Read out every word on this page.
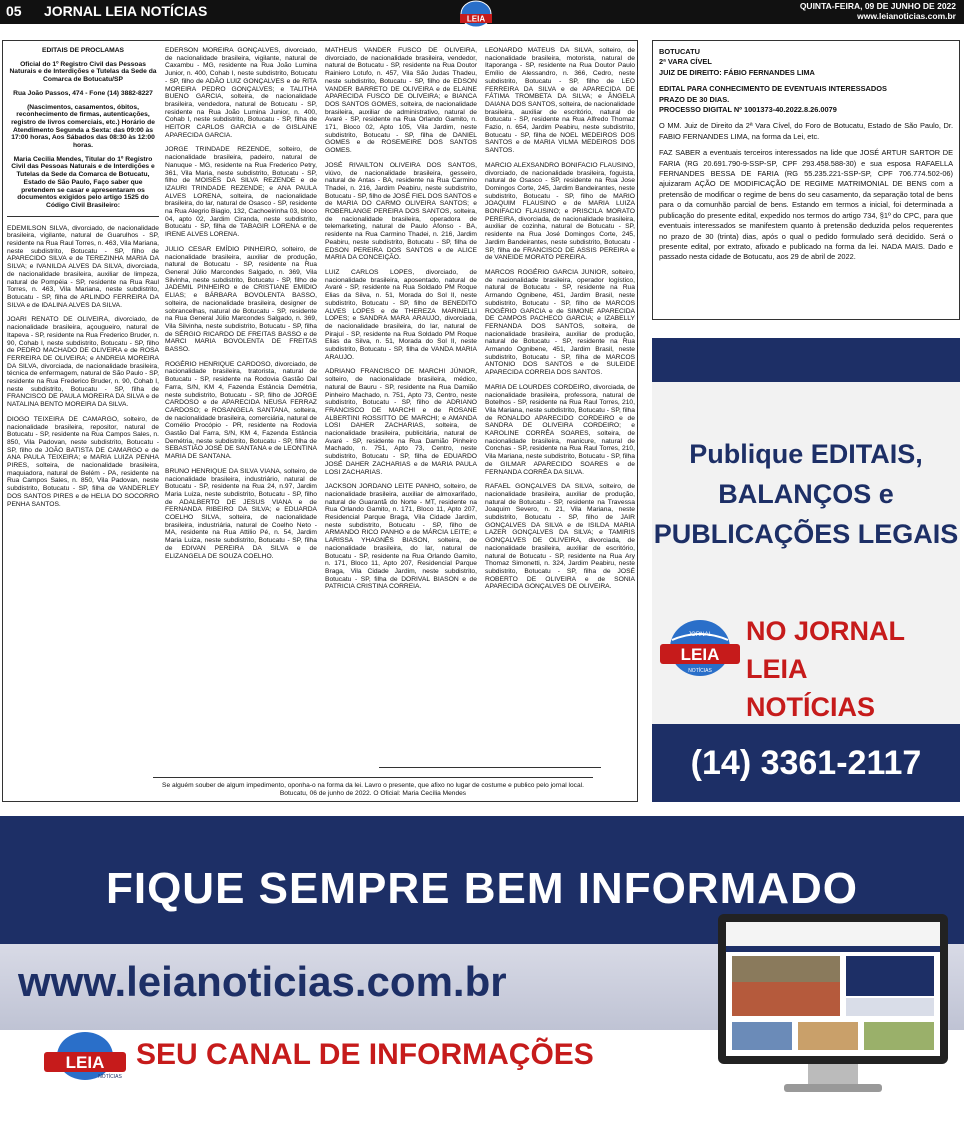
05 JORNAL LEIA NOTÍCIAS	LEIA
QUINTA-FEIRA, 09 DE JUNHO DE 2022
www.leianoticias.com.br

EDITAIS DE PROCLAMAS

Oficial do 1º Registro Civil das Pessoas Naturais e de Interdições e Tutelas da Sede da Comarca de Botucatu/SP

Rua João Passos, 474 - Fone (14) 3882-8227

(Nascimentos, casamentos, óbitos, reconhecimento de firmas, autenticações, registro de livros comerciais, etc.) Horário de Atendimento Segunda a Sexta: das 09:00 às 17:00 horas, Aos Sábados das 08:30 às 12:00 horas.

Maria Cecilia Mendes, Titular do 1º Registro Civil das Pessoas Naturais e de Interdições e Tutelas da Sede da Comarca de Botucatu, Estado de São Paulo, Faço saber que pretendem se casar e apresentaram os documentos exigidos pelo artigo 1525 do Código Civil Brasileiro:

EDEMILSON SILVA, divorciado, de nacionalidade brasileira, vigilante, natural de Guarulhos - SP, residente na Rua Raul Torres, n. 463, Vila Mariana, neste subdistrito, Botucatu - SP, filho de APARECIDO SILVA e de TEREZINHA MARIA DA SILVA; e IVANILDA ALVES DA SILVA, divorciada, de nacionalidade brasileira, auxiliar de limpeza, natural de Pompéia - SP, residente na Rua Raul Torres, n. 463, Vila Mariana, neste subdistrito, Botucatu - SP, filha de ARLINDO FERREIRA DA SILVA e de IDALINA ALVES DA SILVA.

JOARI RENATO DE OLIVEIRA, divorciado, de nacionalidade brasileira, açougueiro, natural de Itapeva - SP, residente na Rua Frederico Bruder, n. 90, Cohab I, neste subdistrito, Botucatu - SP, filho de PEDRO MACHADO DE OLIVEIRA e de ROSA FERREIRA DE OLIVEIRA; e ANDREIA MOREIRA DA SILVA, divorciada, de nacionalidade brasileira, técnica de enfermagem, natural de São Paulo - SP, residente na Rua Frederico Bruder, n. 90, Cohab I, neste subdistrito, Botucatu - SP, filha de FRANCISCO DE PAULA MOREIRA DA SILVA e de NATALINA BENTO MOREIRA DA SILVA.

DIOGO TEIXEIRA DE CAMARGO, solteiro, de nacionalidade brasileira, repositor, natural de Botucatu - SP, residente na Rua Campos Sales, n. 850, Vila Padovan, neste subdistrito, Botucatu - SP, filho de JOÃO BATISTA DE CAMARGO e de ANA PAULA TEIXEIRA; e MARIA LUIZA PENHA PIRES, solteira, de nacionalidade brasileira, maquiadora, natural de Belém - PA, residente na Rua Campos Sales, n. 850, Vila Padovan, neste subdistrito, Botucatu - SP, filha de VANDERLEY DOS SANTOS PIRES e de HELIA DO SOCORRO PENHA SANTOS.

EDERSON MOREIRA GONÇALVES, divorciado, de nacionalidade brasileira, vigilante, natural de Caxambu - MG, residente na Rua João Lumina Junior, n. 400, Cohab I, neste subdistrito, Botucatu - SP, filho de ADÃO LUIZ GONÇALVES e de RITA MOREIRA PEDRO GONÇALVES; e TALITHA BUENO GARCIA, solteira, de nacionalidade brasileira, vendedora, natural de Botucatu - SP, residente na Rua João Lumina Junior, n. 400, Cohab I, neste subdistrito, Botucatu - SP, filha de HEITOR CARLOS GARCIA e de GISLAINE APARECIDA GARCIA.

JORGE TRINDADE REZENDE, solteiro, de nacionalidade brasileira, padeiro, natural de Nanuque - MG, residente na Rua Frederico Petry, 361, Vila Maria, neste subdistrito, Botucatu - SP, filho de MOISÉS DA SILVA REZENDE e de IZAURI TRINDADE REZENDE; e ANA PAULA ALVES LORENA, solteira, de nacionalidade brasileira, do lar, natural de Osasco - SP, residente na Rua Alegrio Biagio, 132, Cachoeirinha 03, bloco 04, apto 02, Jardim Ciranda, neste subdistrito, Botucatu - SP, filha de TABAGIR LORENA e de IRENE ALVES LORENA.

JULIO CESAR EMÍDIO PINHEIRO, solteiro, de nacionalidade brasileira, auxiliar de produção, natural de Botucatu - SP, residente na Rua General Júlio Marcondes Salgado, n. 369, Vila Silvinha, neste subdistrito, Botucatu - SP, filho de JADEMIL PINHEIRO e de CRISTIANE EMIDIO ELIAS; e BÁRBARA BOVOLENTA BASSO, solteira, de nacionalidade brasileira, designer de sobrancelhas, natural de Botucatu - SP, residente na Rua General Júlio Marcondes Salgado, n. 369, Vila Silvinha, neste subdistrito, Botucatu - SP, filha de SÉRGIO RICARDO DE FREITAS BASSO e de MARCI MARIA BOVOLENTA DE FREITAS BASSO.

ROGÉRIO HENRIQUE CARDOSO, divorciado, de nacionalidade brasileira, tratorista, natural de Botucatu - SP, residente na Rodovia Gastão Dal Farra, S/N, KM 4, Fazenda Estância Demétria, neste subdistrito, Botucatu - SP, filho de JORGE CARDOSO e de APARECIDA NEUSA FERRAZ CARDOSO; e ROSANGELA SANTANA, solteira, de nacionalidade brasileira, comerciária, natural de Cornélio Procópio - PR, residente na Rodovia Gastão Dal Farra, S/N, KM 4, Fazenda Estância Demétria, neste subdistrito, Botucatu - SP, filha de SEBASTIÃO JOSÉ DE SANTANA e de LEONTINA MARIA DE SANTANA.

BRUNO HENRIQUE DA SILVA VIANA, solteiro, de nacionalidade brasileira, industriário, natural de Botucatu - SP, residente na Rua 24, n.97, Jardim Maria Luiza, neste subdistrito, Botucatu - SP, filho de ADALBERTO DE JESUS VIANA e de FERNANDA RIBEIRO DA SILVA; e EDUARDA COELHO SILVA, solteira, de nacionalidade brasileira, industriária, natural de Coelho Neto - MA, residente na Rua Attilio Pé, n. 54, Jardim Maria Luiza, neste subdistrito, Botucatu - SP, filha de EDIVAN PEREIRA DA SILVA e de ELIZANGELA DE SOUZA COELHO.

MATHEUS VANDER FUSCO DE OLIVEIRA, divorciado, de nacionalidade brasileira, vendedor, natural de Botucatu - SP, residente na Rua Doutor Rainiero Lotufo, n. 457, Vila São Judas Thadeu, neste subdistrito, Botucatu - SP, filho de EDSON VANDER BARRETO DE OLIVEIRA e de ELAINE APARECIDA FUSCO DE OLIVEIRA; e BIANCA DOS SANTOS GOMES, solteira, de nacionalidade brasileira, auxiliar de administrativo, natural de Avaré - SP, residente na Rua Orlando Gamito, n. 171, Bloco 02, Apto 105, Vila Jardim, neste subdistrito, Botucatu - SP, filha de DANIEL GOMES e de ROSEMEIRE DOS SANTOS GOMES.

JOSÉ RIVAILTON OLIVEIRA DOS SANTOS, viúvo, de nacionalidade brasileira, gesseiro, natural de Antas - BA, residente na Rua Carmino Thadei, n. 216, Jardim Peabiru, neste subdistrito, Botucatu - SP, filho de JOSÉ FIEL DOS SANTOS e de MARIA DO CARMO OLIVEIRA SANTOS; e ROBERLANGE PEREIRA DOS SANTOS, solteira, de nacionalidade brasileira, operadora de telemarketing, natural de Paulo Afonso - BA, residente na Rua Carmino Thadei, n. 216, Jardim Peabiru, neste subdistrito, Botucatu - SP, filha de EDSON PEREIRA DOS SANTOS e de ALICE MARIA DA CONCEIÇÃO.

LUIZ CARLOS LOPES, divorciado, de nacionalidade brasileira, aposentado, natural de Avaré - SP, residente na Rua Soldado PM Roque Elias da Silva, n. 51, Morada do Sol II, neste subdistrito, Botucatu - SP, filho de BENEDITO ALVES LOPES e de THEREZA MARINELLI LOPES; e SANDRA MARA ARAUJO, divorciada, de nacionalidade brasileira, do lar, natural de Pirajuí - SP, residente na Rua Soldado PM Roque Elias da Silva, n. 51, Morada do Sol II, neste subdistrito, Botucatu - SP, filha de VANDA MARIA ARAUJO.

ADRIANO FRANCISCO DE MARCHI JÚNIOR, solteiro, de nacionalidade brasileira, médico, natural de Bauru - SP, residente na Rua Damião Pinheiro Machado, n. 751, Apto 73, Centro, neste subdistrito, Botucatu - SP, filho de ADRIANO FRANCISCO DE MARCHI e de ROSANE ALBERTINI ROSSITTO DE MARCHI; e AMANDA LOSI DAHER ZACHARIAS, solteira, de nacionalidade brasileira, publicitária, natural de Avaré - SP, residente na Rua Damião Pinheiro Machado, n. 751, Apto 73, Centro, neste subdistrito, Botucatu - SP, filha de EDUARDO JOSÉ DAHER ZACHARIAS e de MARIA PAULA LOSI ZACHARIAS.

JACKSON JORDANO LEITE PANHO, solteiro, de nacionalidade brasileira, auxiliar de almoxarifado, natural de Guarantã do Norte - MT, residente na Rua Orlando Gamito, n. 171, Bloco 11, Apto 207, Residencial Parque Braga, Vila Cidade Jardim, neste subdistrito, Botucatu - SP, filho de ARMANDO RICO PANHO e de MÁRCIA LEITE; e LARISSA YHAGNÊS BIASON, solteira, de nacionalidade brasileira, do lar, natural de Botucatu - SP, residente na Rua Orlando Gamito, n. 171, Bloco 11, Apto 207, Residencial Parque Braga, Vila Cidade Jardim, neste subdistrito, Botucatu - SP, filha de DORIVAL BIASON e de PATRICIA CRISTINA CORREIA.

LEONARDO MATEUS DA SILVA, solteiro, de nacionalidade brasileira, motorista, natural de Itaporanga - SP, residente na Rua Doutor Paulo Emílio de Alessandro, n. 366, Cedro, neste subdistrito, Botucatu - SP, filho de LEO FERREIRA DA SILVA e de APARECIDA DE FÁTIMA TROMBETA DA SILVA; e ÂNGELA DAIANA DOS SANTOS, solteira, de nacionalidade brasileira, auxiliar de escritório, natural de Botucatu - SP, residente na Rua Alfredo Thomaz Fazio, n. 654, Jardim Peabiru, neste subdistrito, Botucatu - SP, filha de NOEL MEDEIROS DOS SANTOS e de MARIA VILMA MEDEIROS DOS SANTOS.

MARCIO ALEXSANDRO BONIFACIO FLAUSINO, divorciado, de nacionalidade brasileira, foguista, natural de Osasco - SP, residente na Rua Jose Domingos Corte, 245, Jardim Bandeirantes, neste subdistrito, Botucatu - SP, filho de MARIO JOAQUIM FLAUSINO e de MARIA LUIZA BONIFACIO FLAUSINO; e PRISCILA MORATO PEREIRA, divorciada, de nacionalidade brasileira, auxiliar de cozinha, natural de Botucatu - SP, residente na Rua José Domingos Corte, 245, Jardim Bandeirantes, neste subdistrito, Botucatu - SP, filha de FRANCISCO DE ASSIS PEREIRA e de VANEIDE MORATO PEREIRA.

MARCOS ROGÉRIO GARCIA JUNIOR, solteiro, de nacionalidade brasileira, operador logístico, natural de Botucatu - SP, residente na Rua Armando Ognibene, 451, Jardim Brasil, neste subdistrito, Botucatu - SP, filho de MARCOS ROGÉRIO GARCIA e de SIMONE APARECIDA DE CAMPOS PACHECO GARCIA; e IZABELLY FERNANDA DOS SANTOS, solteira, de nacionalidade brasileira, auxiliar de produção, natural de Botucatu - SP, residente na Rua Armando Ognibene, 451, Jardim Brasil, neste subdistrito, Botucatu - SP, filha de MARCOS ANTONIO DOS SANTOS e de SULEIDE APARECIDA CORREIA DOS SANTOS.

MARIA DE LOURDES CORDEIRO, divorciada, de nacionalidade brasileira, professora, natural de Botelhos - SP, residente na Rua Raul Torres, 210, Vila Mariana, neste subdistrito, Botucatu - SP, filha de RONALDO APARECIDO CORDEIRO e de SANDRA DE OLIVEIRA CORDEIRO; e KAROLINE CORRÊA SOARES, solteira, de nacionalidade brasileira, manicure, natural de Conchas - SP, residente na Rua Raul Torres, 210, Vila Mariana, neste subdistrito, Botucatu - SP, filha de GILMAR APARECIDO SOARES e de FERNANDA CORRÊA DA SILVA.

RAFAEL GONÇALVES DA SILVA, solteiro, de nacionalidade brasileira, auxiliar de produção, natural de Botucatu - SP, residente na Travessa Joaquim Severo, n. 21, Vila Mariana, neste subdistrito, Botucatu - SP, filho de JAIR GONÇALVES DA SILVA e de ISILDA MARIA LAZER GONÇALVES DA SILVA; e TAMIRIS GONÇALVES DE OLIVEIRA, divorciada, de nacionalidade brasileira, auxiliar de escritório, natural de Botucatu - SP, residente na Rua Ary Thomaz Simonetti, n. 324, Jardim Peabiru, neste subdistrito, Botucatu - SP, filha de JOSÉ ROBERTO DE OLIVEIRA e de SONIA APARECIDA GONÇALVES DE OLIVEIRA.

Se alguém souber de algum impedimento, oponha-o na forma da lei. Lavro o presente, que afixo no lugar de costume e publico pelo jornal local. Botucatu, 06 de junho de 2022. O Oficial: Maria Cecília Mendes

BOTUCATU

2ª VARA CÍVEL

JUIZ DE DIREITO: FÁBIO FERNANDES LIMA

EDITAL PARA CONHECIMENTO DE EVENTUAIS INTERESSADOS

PRAZO DE 30 DIAS.

PROCESSO DIGITAL Nº 1001373-40.2022.8.26.0079

O MM. Juiz de Direito da 2ª Vara Cível, do Foro de Botucatu, Estado de São Paulo, Dr. FABIO FERNANDES LIMA, na forma da Lei, etc.

FAZ SABER a eventuais terceiros interessados na lide que JOSÉ ARTUR SARTOR DE FARIA (RG 20.691.790-9-SSP-SP, CPF 293.458.588-30) e sua esposa RAFAELLA FERNANDES BESSA DE FARIA (RG 55.235.221-SSP-SP, CPF 706.774.502-06) ajuizaram AÇÃO DE MODIFICAÇÃO DE REGIME MATRIMONIAL DE BENS com a pretensão de modificar o regime de bens do seu casamento, da separação total de bens para o da comunhão parcial de bens. Estando em termos a inicial, foi determinada a publicação do presente edital, expedido nos termos do artigo 734, §1º do CPC, para que eventuais interessados se manifestem quanto à pretensão deduzida pelos requerentes no prazo de 30 (trinta) dias, após o qual o pedido formulado será decidido. Será o presente edital, por extrato, afixado e publicado na forma da lei. NADA MAIS. Dado e passado nesta cidade de Botucatu, aos 29 de abril de 2022.

Publique EDITAIS,
BALANÇOS e
PUBLICAÇÕES LEGAIS
LEIA
JORNAL
NOTÍCIAS
NO JORNAL LEIA
NOTÍCIAS
(14) 3361-2117
FIQUE SEMPRE BEM INFORMADO
www.leianoticias.com.br
LEIA
NOTÍCIAS
SEU CANAL DE INFORMAÇÕES
